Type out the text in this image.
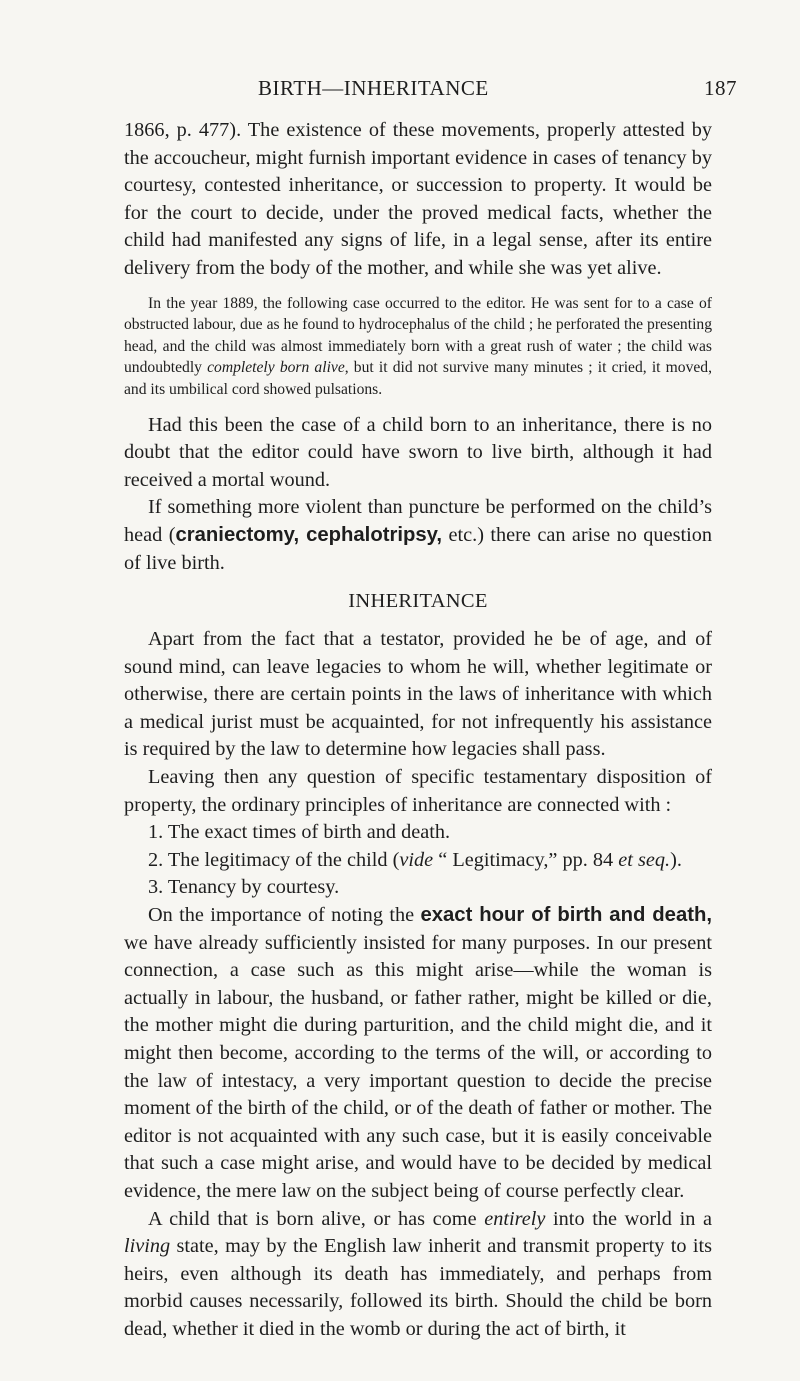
BIRTH—INHERITANCE	187

1866, p. 477). The existence of these movements, properly attested by the accoucheur, might furnish important evidence in cases of tenancy by courtesy, contested inheritance, or succession to property. It would be for the court to decide, under the proved medical facts, whether the child had manifested any signs of life, in a legal sense, after its entire delivery from the body of the mother, and while she was yet alive.

In the year 1889, the following case occurred to the editor. He was sent for to a case of obstructed labour, due as he found to hydrocephalus of the child ; he perforated the presenting head, and the child was almost immediately born with a great rush of water ; the child was undoubtedly completely born alive, but it did not survive many minutes ; it cried, it moved, and its umbilical cord showed pulsations.

Had this been the case of a child born to an inheritance, there is no doubt that the editor could have sworn to live birth, although it had received a mortal wound.

If something more violent than puncture be performed on the child’s head (craniectomy, cephalotripsy, etc.) there can arise no question of live birth.

INHERITANCE

Apart from the fact that a testator, provided he be of age, and of sound mind, can leave legacies to whom he will, whether legitimate or otherwise, there are certain points in the laws of inheritance with which a medical jurist must be acquainted, for not infrequently his assistance is required by the law to determine how legacies shall pass.

Leaving then any question of specific testamentary disposition of property, the ordinary principles of inheritance are connected with :

1. The exact times of birth and death.

2. The legitimacy of the child (vide “ Legitimacy,” pp. 84 et seq.).

3. Tenancy by courtesy.

On the importance of noting the exact hour of birth and death, we have already sufficiently insisted for many purposes. In our present connection, a case such as this might arise—while the woman is actually in labour, the husband, or father rather, might be killed or die, the mother might die during parturition, and the child might die, and it might then become, according to the terms of the will, or according to the law of intestacy, a very important question to decide the precise moment of the birth of the child, or of the death of father or mother. The editor is not acquainted with any such case, but it is easily conceivable that such a case might arise, and would have to be decided by medical evidence, the mere law on the subject being of course perfectly clear.

A child that is born alive, or has come entirely into the world in a living state, may by the English law inherit and transmit property to its heirs, even although its death has immediately, and perhaps from morbid causes necessarily, followed its birth. Should the child be born dead, whether it died in the womb or during the act of birth, it
